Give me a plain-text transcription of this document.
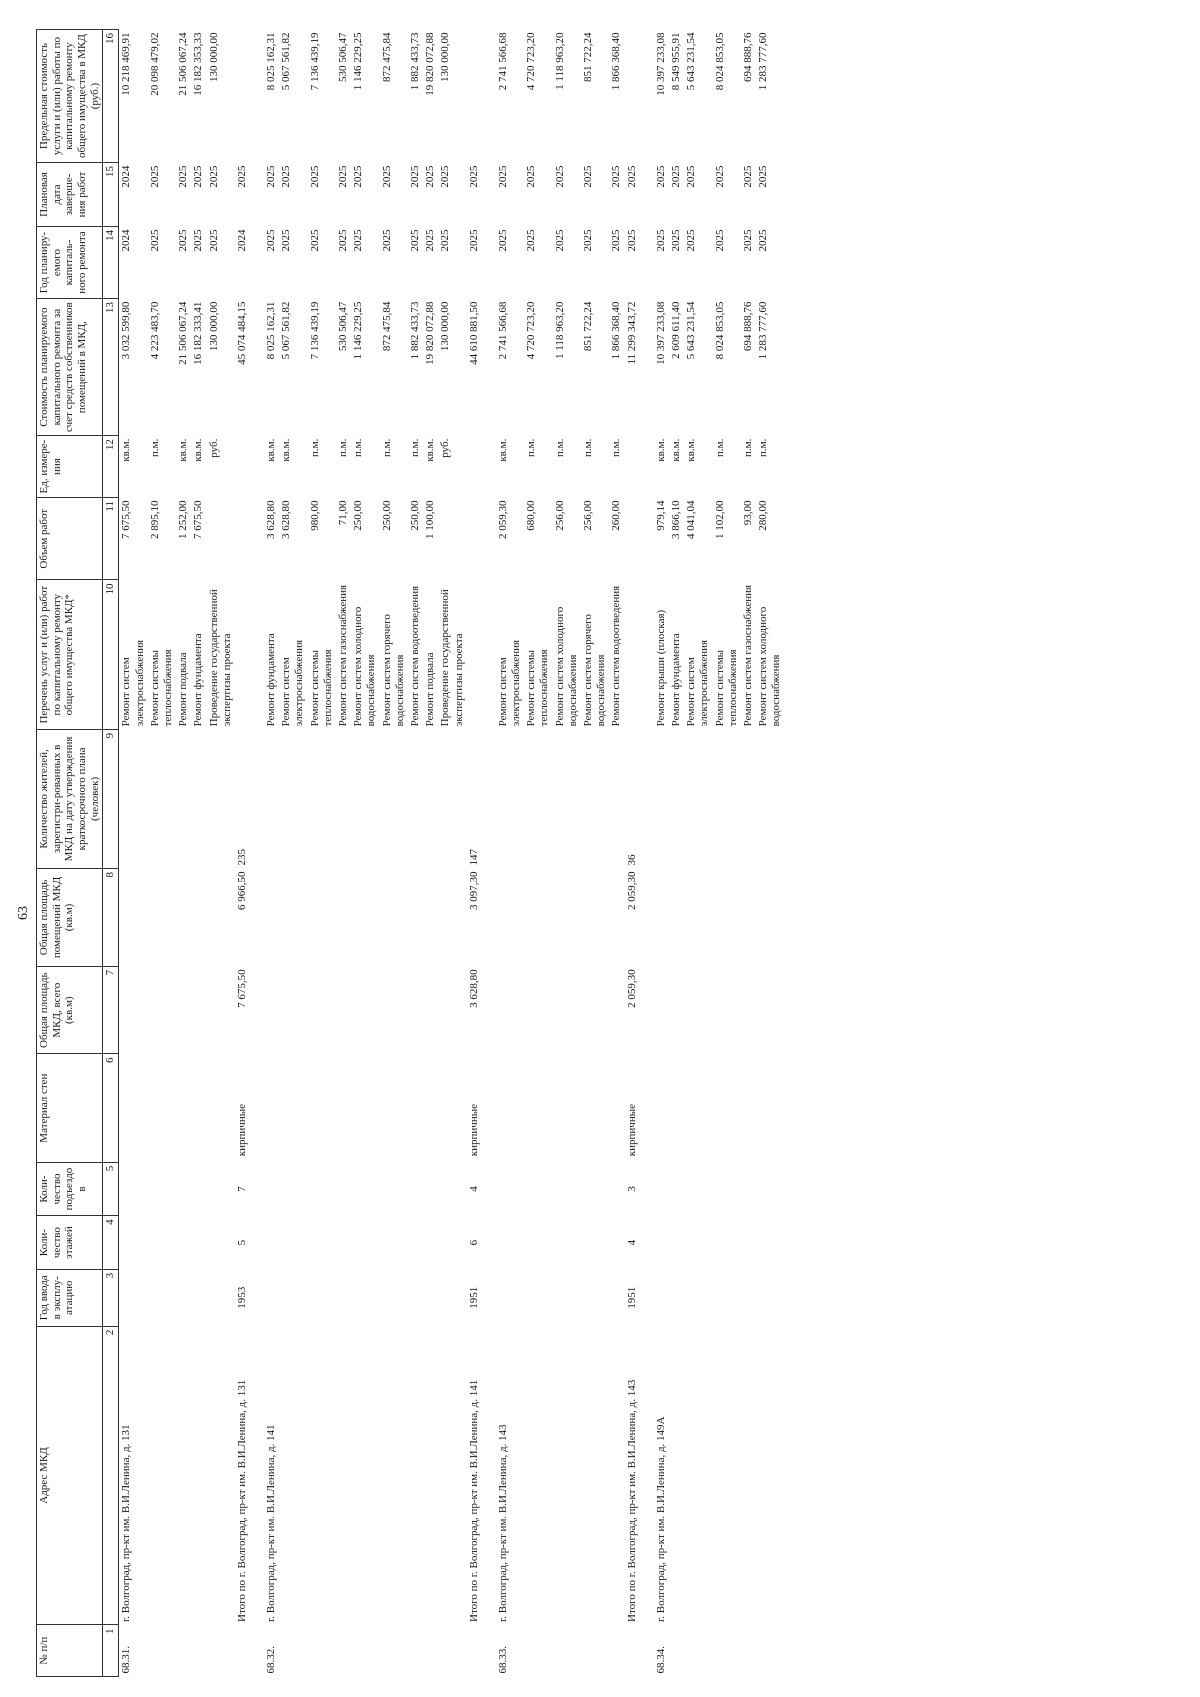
63
№ п/п	Адрес МКД	Год ввода в эксплу-атацию	Коли-чество этажей	Коли-чество подъездо в	Материал стен	Общая площадь МКД, всего (кв.м)	Общая площадь помещений МКД (кв.м)	Количество жителей, зарегистри-рованных в МКД на дату утверждения краткосрочного плана (человек)	Перечень услуг и (или) работ по капитальному ремонту общего имущества МКД*	Объем работ	Ед. измере-ния	Стоимость планируемого капитального ремонта за счет средств собственников помещений в МКД,	Год планиру-емого капиталь-ного ремонта	Плановая дата заверше-ния работ	Предельная стоимость услуги и (или) работы по капитальному ремонту общего имущества в МКД (руб.)
1	2	3	4	5	6	7	8	9	10	11	12	13	14	15	16
68.31.	г. Волгоград, пр-кт им. В.И.Ленина, д. 131								Ремонт систем электроснабжения	7 675,50	кв.м.	3 032 599,80	2024	2024	10 218 469,91
									Ремонт системы теплоснабжения	2 895,10	п.м.	4 223 483,70	2025	2025	20 098 479,02
									Ремонт подвала	1 252,00	кв.м.	21 506 067,24	2025	2025	21 506 067,24
									Ремонт фундамента	7 675,50	кв.м.	16 182 333,41	2025	2025	16 182 353,33
									Проведение государственной экспертизы проекта		руб.	130 000,00	2025	2025	130 000,00
	Итого по г. Волгоград, пр-кт им. В.И.Ленина, д. 131	1953	5	7	кирпичные	7 675,50	6 966,50	235				45 074 484,15	2024	2025	

68.32.	г. Волгоград, пр-кт им. В.И.Ленина, д. 141								Ремонт фундамента	3 628,80	кв.м.	8 025 162,31	2025	2025	8 025 162,31
									Ремонт систем электроснабжения	3 628,80	кв.м.	5 067 561,82	2025	2025	5 067 561,82
									Ремонт системы теплоснабжения	980,00	п.м.	7 136 439,19	2025	2025	7 136 439,19
									Ремонт систем газоснабжения	71,00	п.м.	530 506,47	2025	2025	530 506,47
									Ремонт систем холодного водоснабжения	250,00	п.м.	1 146 229,25	2025	2025	1 146 229,25
									Ремонт систем горячего водоснабжения	250,00	п.м.	872 475,84	2025	2025	872 475,84
									Ремонт систем водоотведения	250,00	п.м.	1 882 433,73	2025	2025	1 882 433,73
									Ремонт подвала	1 100,00	кв.м.	19 820 072,88	2025	2025	19 820 072,88
									Проведение государственной экспертизы проекта		руб.	130 000,00	2025	2025	130 000,00
	Итого по г. Волгоград, пр-кт им. В.И.Ленина, д. 141	1951	6	4	кирпичные	3 628,80	3 097,30	147				44 610 881,50	2025	2025	

68.33.	г. Волгоград, пр-кт им. В.И.Ленина, д. 143								Ремонт систем электроснабжения	2 059,30	кв.м.	2 741 566,68	2025	2025	2 741 566,68
									Ремонт системы теплоснабжения	680,00	п.м.	4 720 723,20	2025	2025	4 720 723,20
									Ремонт систем холодного водоснабжения	256,00	п.м.	1 118 963,20	2025	2025	1 118 963,20
									Ремонт систем горячего водоснабжения	256,00	п.м.	851 722,24	2025	2025	851 722,24
									Ремонт систем водоотведения	260,00	п.м.	1 866 368,40	2025	2025	1 866 368,40
	Итого по г. Волгоград, пр-кт им. В.И.Ленина, д. 143	1951	4	3	кирпичные	2 059,30	2 059,30	36				11 299 343,72	2025	2025	

68.34.	г. Волгоград, пр-кт им. В.И.Ленина, д. 149А								Ремонт крыши (плоская)	979,14	кв.м.	10 397 233,08	2025	2025	10 397 233,08
									Ремонт фундамента	3 866,10	кв.м.	2 609 611,40	2025	2025	8 549 955,91
									Ремонт систем электроснабжения	4 041,04	кв.м.	5 643 231,54	2025	2025	5 643 231,54
									Ремонт системы теплоснабжения	1 102,00	п.м.	8 024 853,05	2025	2025	8 024 853,05
									Ремонт систем газоснабжения	93,00	п.м.	694 888,76	2025	2025	694 888,76
									Ремонт систем холодного водоснабжения	280,00	п.м.	1 283 777,60	2025	2025	1 283 777,60
